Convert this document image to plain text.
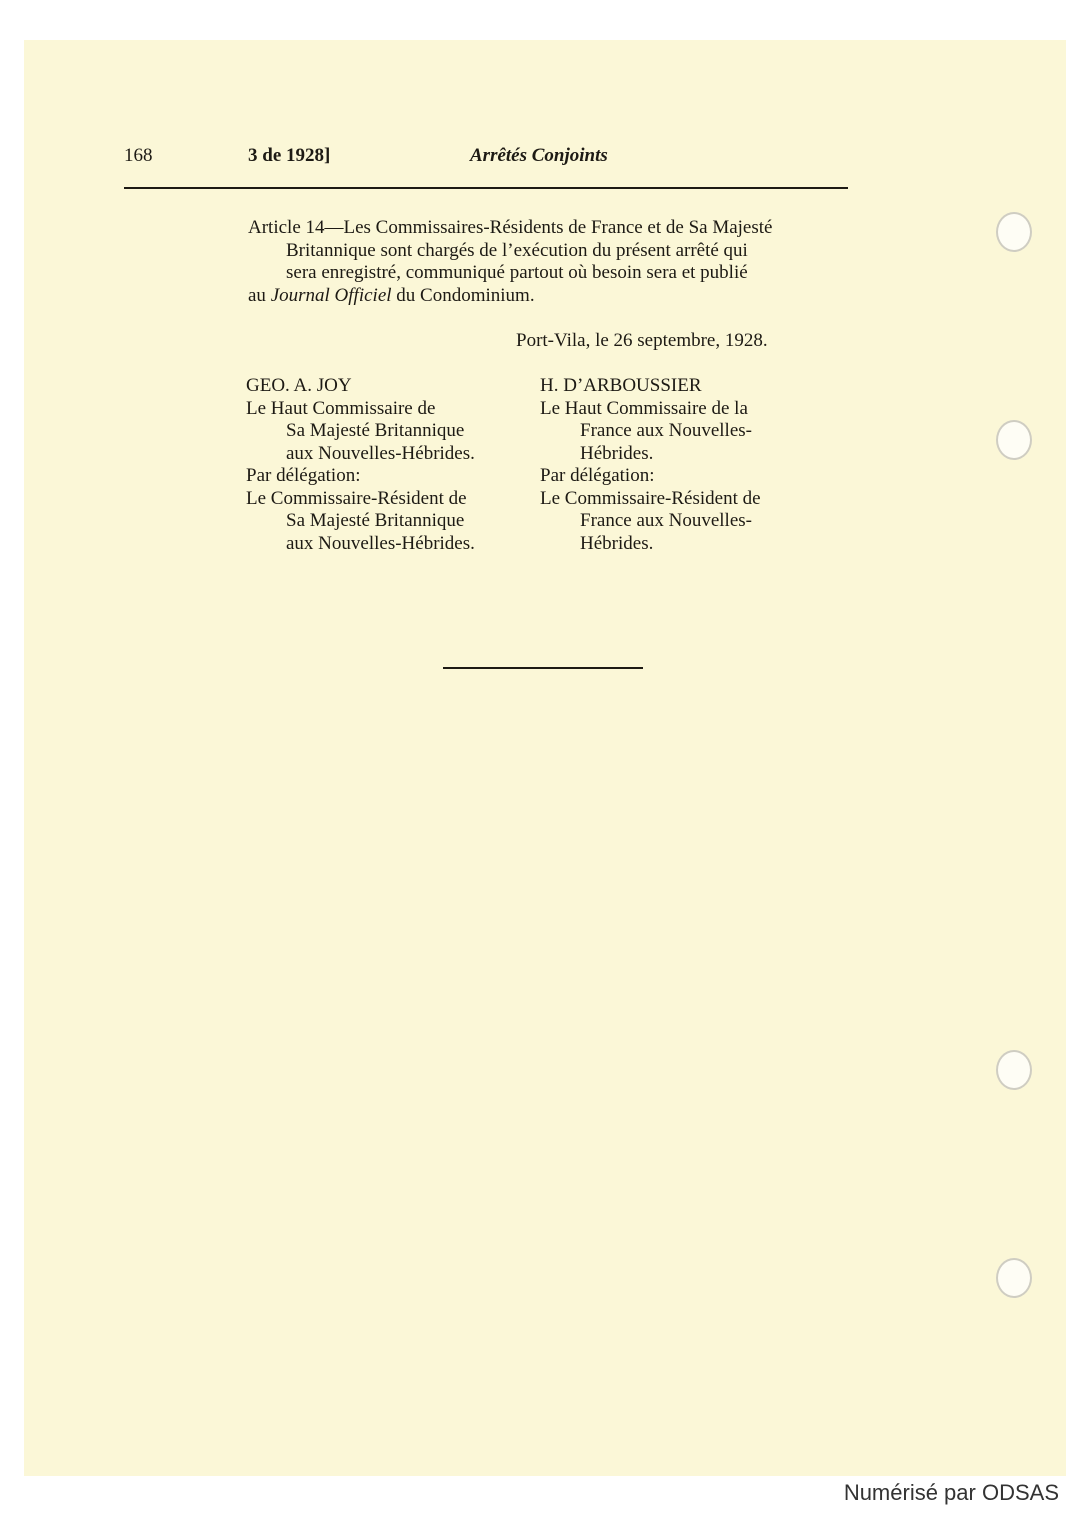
168	3 de 1928]	Arrêtés Conjoints
Article 14—Les Commissaires-Résidents de France et de Sa Majesté
Britannique sont chargés de l’exécution du présent arrêté qui
sera enregistré, communiqué partout où besoin sera et publié
au Journal Officiel du Condominium.
Port-Vila, le 26 septembre, 1928.
GEO. A. JOY
Le Haut Commissaire de
Sa Majesté Britannique
aux Nouvelles-Hébrides.
Par délégation:
Le Commissaire-Résident de
Sa Majesté Britannique
aux Nouvelles-Hébrides.
H. D’ARBOUSSIER
Le Haut Commissaire de la
France aux Nouvelles-
Hébrides.
Par délégation:
Le Commissaire-Résident de
France aux Nouvelles-
Hébrides.
Numérisé par ODSAS
